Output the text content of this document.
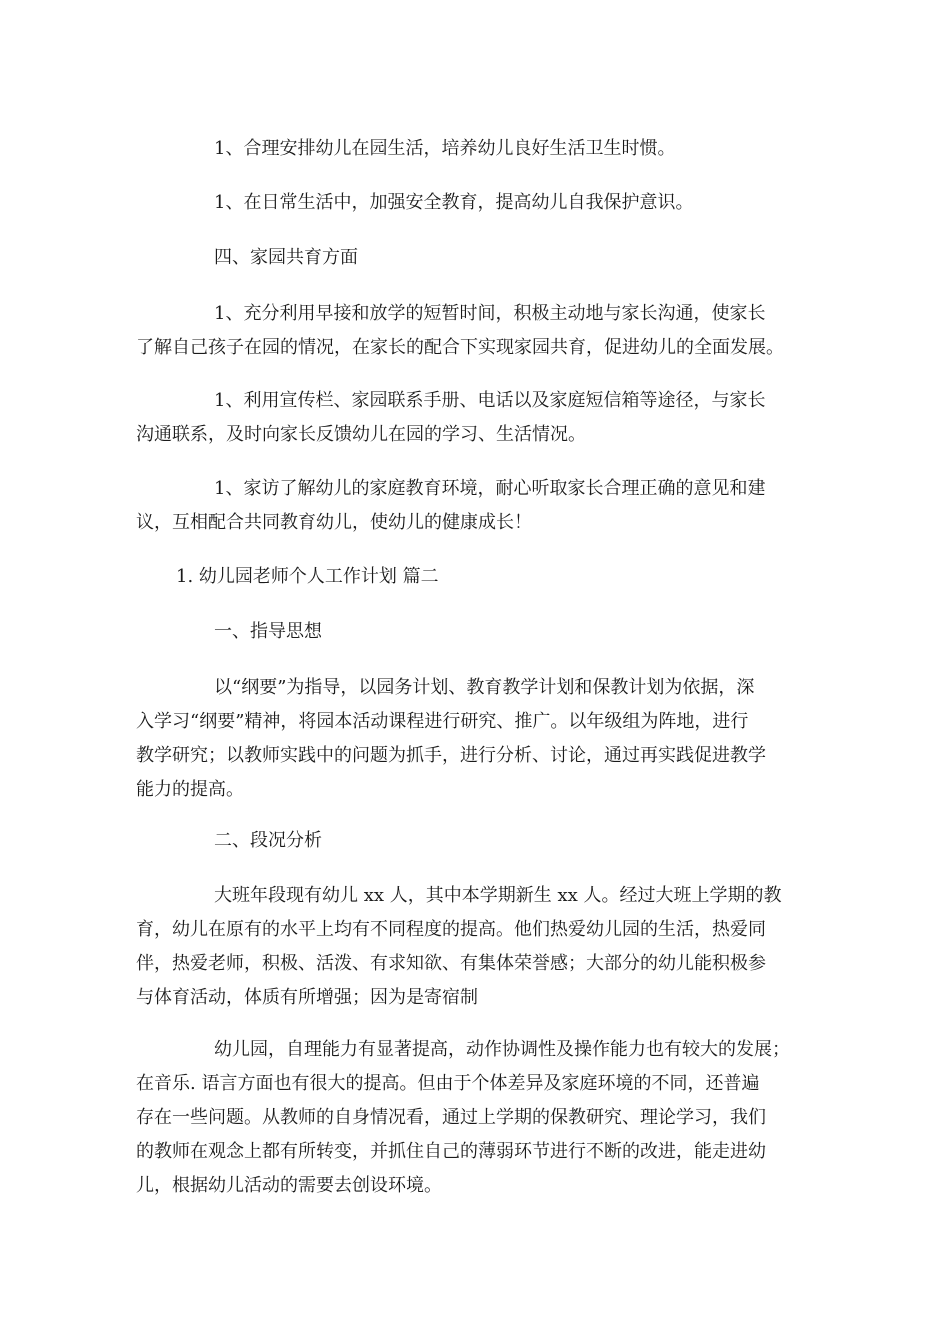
1、合理安排幼儿在园生活，培养幼儿良好生活卫生时惯。
1、在日常生活中，加强安全教育，提高幼儿自我保护意识。
四、家园共育方面
1、充分利用早接和放学的短暂时间，积极主动地与家长沟通，使家长
了解自己孩子在园的情况，在家长的配合下实现家园共育，促进幼儿的全面发展。
1、利用宣传栏、家园联系手册、电话以及家庭短信箱等途径，与家长
沟通联系，及时向家长反馈幼儿在园的学习、生活情况。
1、家访了解幼儿的家庭教育环境，耐心听取家长合理正确的意见和建
议，互相配合共同教育幼儿，使幼儿的健康成长！
1. 幼儿园老师个人工作计划 篇二
一、指导思想
以“纲要”为指导，以园务计划、教育教学计划和保教计划为依据，深
入学习“纲要”精神，将园本活动课程进行研究、推广。以年级组为阵地，进行
教学研究；以教师实践中的问题为抓手，进行分析、讨论，通过再实践促进教学
能力的提高。
二、段况分析
大班年段现有幼儿 xx 人，其中本学期新生 xx 人。经过大班上学期的教
育，幼儿在原有的水平上均有不同程度的提高。他们热爱幼儿园的生活，热爱同
伴，热爱老师，积极、活泼、有求知欲、有集体荣誉感；大部分的幼儿能积极参
与体育活动，体质有所增强；因为是寄宿制
幼儿园，自理能力有显著提高，动作协调性及操作能力也有较大的发展；
在音乐. 语言方面也有很大的提高。但由于个体差异及家庭环境的不同，还普遍
存在一些问题。从教师的自身情况看，通过上学期的保教研究、理论学习，我们
的教师在观念上都有所转变，并抓住自己的薄弱环节进行不断的改进，能走进幼
儿，根据幼儿活动的需要去创设环境。
